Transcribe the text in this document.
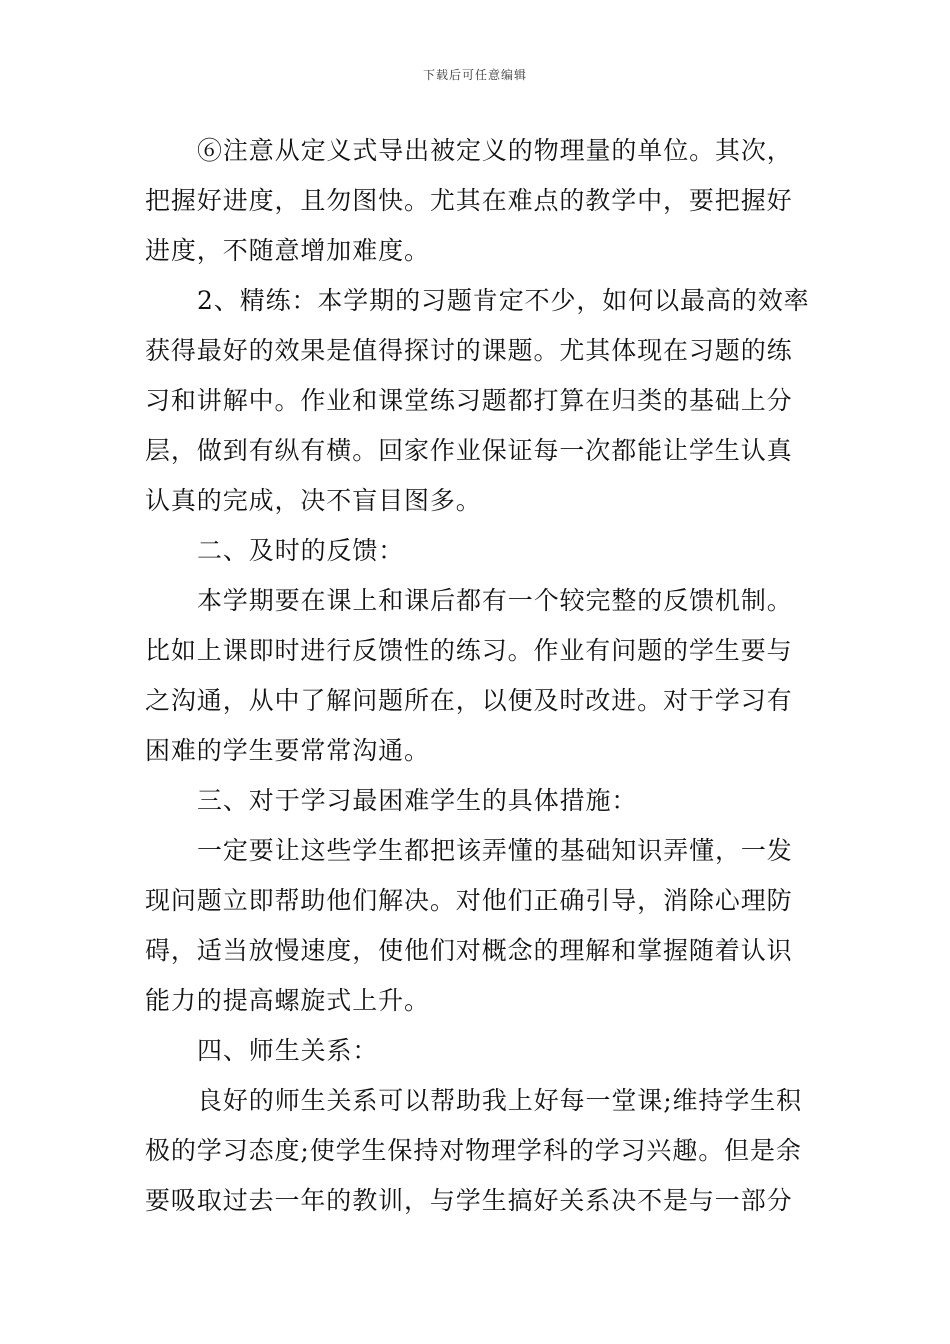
下载后可任意编辑
⑥注意从定义式导出被定义的物理量的单位。其次，
把握好进度，且勿图快。尤其在难点的教学中，要把握好
进度，不随意增加难度。
2、精练：本学期的习题肯定不少，如何以最高的效率
获得最好的效果是值得探讨的课题。尤其体现在习题的练
习和讲解中。作业和课堂练习题都打算在归类的基础上分
层，做到有纵有横。回家作业保证每一次都能让学生认真
认真的完成，决不盲目图多。
二、及时的反馈：
本学期要在课上和课后都有一个较完整的反馈机制。
比如上课即时进行反馈性的练习。作业有问题的学生要与
之沟通，从中了解问题所在，以便及时改进。对于学习有
困难的学生要常常沟通。
三、对于学习最困难学生的具体措施：
一定要让这些学生都把该弄懂的基础知识弄懂，一发
现问题立即帮助他们解决。对他们正确引导，消除心理防
碍，适当放慢速度，使他们对概念的理解和掌握随着认识
能力的提高螺旋式上升。
四、师生关系：
良好的师生关系可以帮助我上好每一堂课;维持学生积
极的学习态度;使学生保持对物理学科的学习兴趣。但是余
要吸取过去一年的教训，与学生搞好关系决不是与一部分
